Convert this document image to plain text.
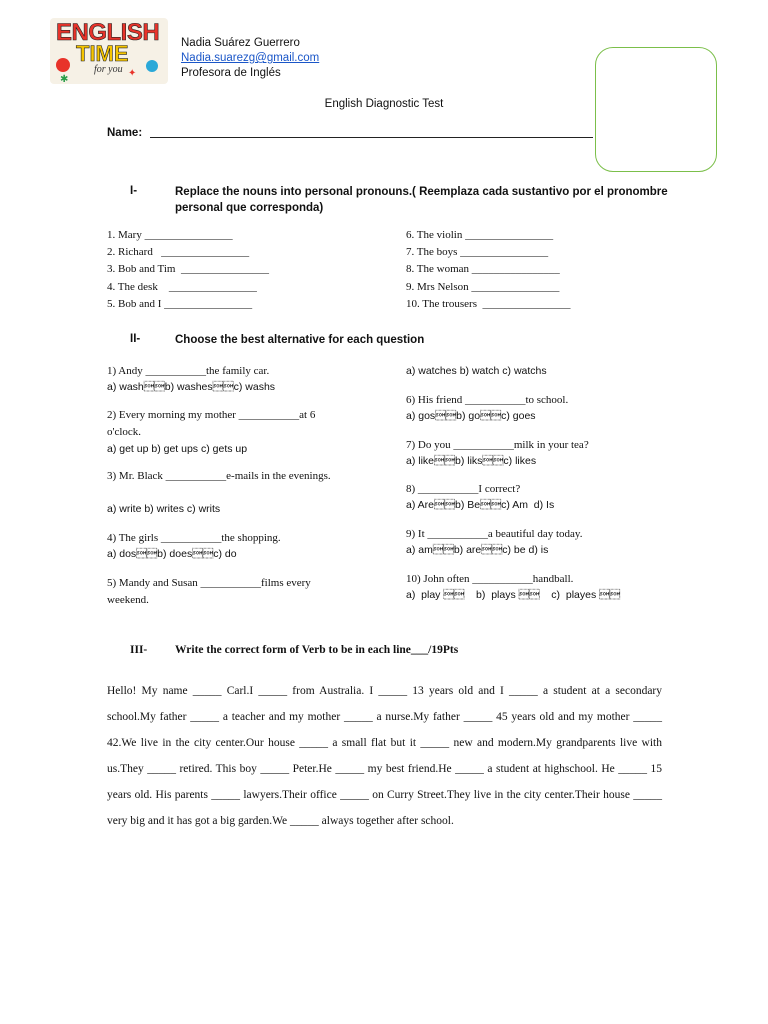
ENGLISH
TIME
for you
✱
✦
Nadia Suárez Guerrero
Nadia.suarezg@gmail.com
Profesora de Inglés
English Diagnostic Test
Name:
I-	Replace the nouns into personal pronouns.( Reemplaza cada sustantivo por el pronombre personal que corresponda)
1. Mary ________________
2. Richard   ________________
3. Bob and Tim  ________________
4. The desk    ________________
5. Bob and I ________________
6. The violin ________________
7. The boys ________________
8. The woman ________________
9. Mrs Nelson ________________
10. The trousers  ________________
II-	Choose the best alternative for each question
1) Andy ___________the family car.
a) washb) washesc) washs
2) Every morning my mother ___________at 6 o'clock.
a) get up b) get ups c) gets up
3) Mr. Black ___________e-mails in the evenings.
a) write b) writes c) writs
4) The girls ___________the shopping.
a) dosb) doesc) do
5) Mandy and Susan ___________films every weekend.
a) watches b) watch c) watchs
6) His friend ___________to school.
a) gosb) goc) goes
7) Do you ___________milk in your tea?
a) likeb) liksc) likes
8) ___________I correct?
a) Areb) Bec) Am  d) Is
9) It ___________a beautiful day today.
a) amb) arec) be d) is
10) John often ___________handball.
a)  play     b)  plays     c)  playes 
III- Write the correct form of Verb to be in each line___/19Pts
Hello! My name _____ Carl.I _____ from Australia. I _____ 13 years old and I _____ a student at a secondary school.My father _____ a teacher and my mother _____ a nurse.My father _____ 45 years old and my mother _____ 42.We live in the city center.Our house _____ a small flat but it _____ new and modern.My grandparents live with us.They _____ retired. This boy _____ Peter.He _____ my best friend.He _____ a student at highschool. He _____ 15 years old. His parents _____ lawyers.Their office _____ on Curry Street.They live in the city center.Their house _____ very big and it has got a big garden.We _____ always together after school.
